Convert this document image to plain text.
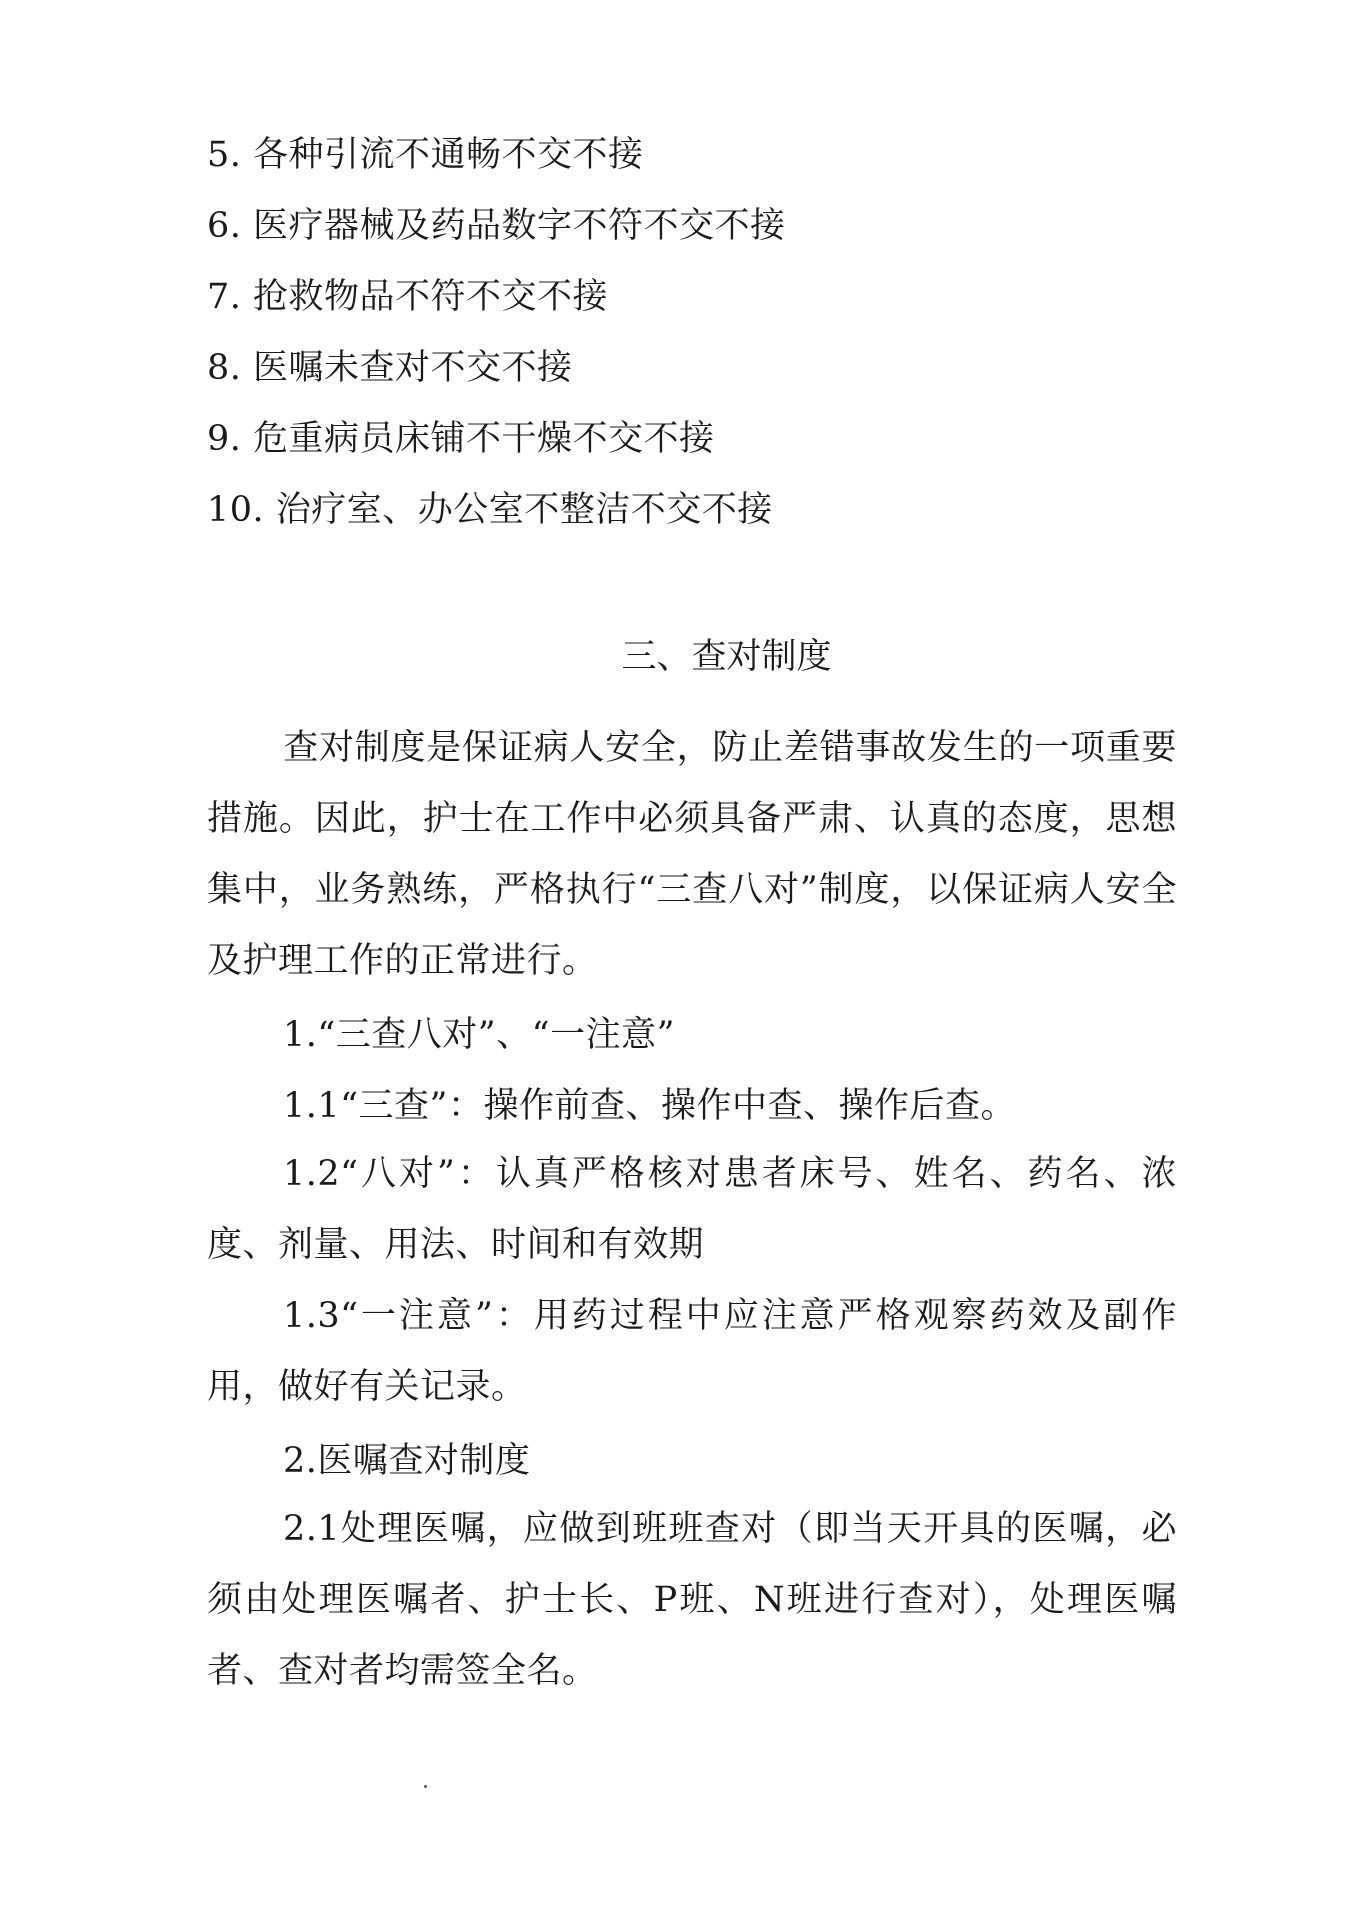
5. 各种引流不通畅不交不接
6. 医疗器械及药品数字不符不交不接
7. 抢救物品不符不交不接
8. 医嘱未查对不交不接
9. 危重病员床铺不干燥不交不接
10. 治疗室、办公室不整洁不交不接
三、查对制度
查对制度是保证病人安全，防止差错事故发生的一项重要措施。因此，护士在工作中必须具备严肃、认真的态度，思想集中，业务熟练，严格执行“三查八对”制度，以保证病人安全及护理工作的正常进行。
1.“三查八对”、“一注意”
1.1“三查”：操作前查、操作中查、操作后查。
1.2“八对”：认真严格核对患者床号、姓名、药名、浓度、剂量、用法、时间和有效期
1.3“一注意”：用药过程中应注意严格观察药效及副作用，做好有关记录。
2.医嘱查对制度
2.1处理医嘱，应做到班班查对（即当天开具的医嘱，必须由处理医嘱者、护士长、P班、N班进行查对），处理医嘱者、查对者均需签全名。
